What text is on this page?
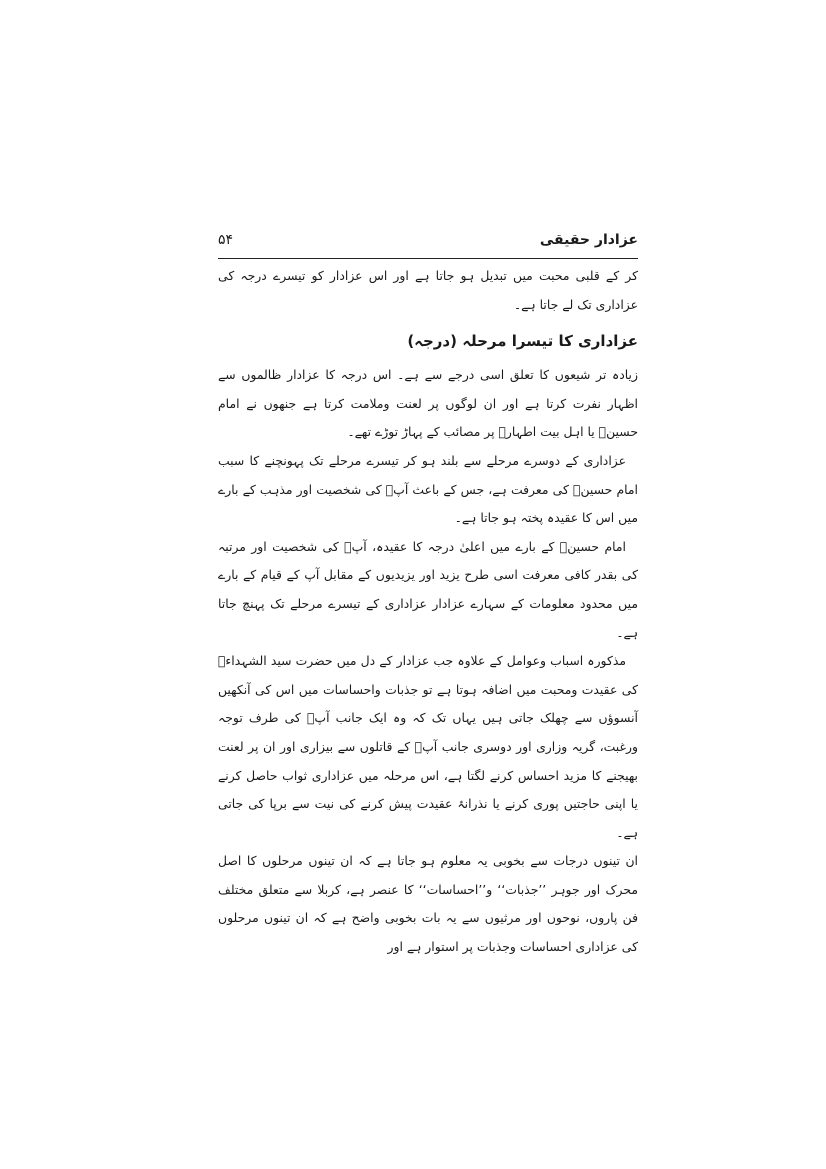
عزادار حقیقی
۵۴

کر کے قلبی محبت میں تبدیل ہو جاتا ہے اور اس عزادار کو تیسرے درجہ کی عزاداری تک لے جاتا ہے۔

عزاداری کا تیسرا مرحلہ (درجہ)

زیادہ تر شیعوں کا تعلق اسی درجے سے ہے۔ اس درجہ کا عزادار ظالموں سے اظہار نفرت کرتا ہے اور ان لوگوں پر لعنت وملامت کرتا ہے جنھوں نے امام حسینؑ یا اہل بیت اطہارؑ پر مصائب کے پہاڑ توڑے تھے۔

عزاداری کے دوسرے مرحلے سے بلند ہو کر تیسرے مرحلے تک پہونچنے کا سبب امام حسینؑ کی معرفت ہے، جس کے باعث آپؑ کی شخصیت اور مذہب کے بارے میں اس کا عقیدہ پختہ ہو جاتا ہے۔

امام حسینؑ کے بارے میں اعلیٰ درجہ کا عقیدہ، آپؑ کی شخصیت اور مرتبہ کی بقدر کافی معرفت اسی طرح یزید اور یزیدیوں کے مقابل آپ کے قیام کے بارے میں محدود معلومات کے سہارے عزادار عزاداری کے تیسرے مرحلے تک پہنچ جاتا ہے۔

مذکورہ اسباب وعوامل کے علاوہ جب عزادار کے دل میں حضرت سید الشہداءؑ کی عقیدت ومحبت میں اضافہ ہوتا ہے تو جذبات واحساسات میں اس کی آنکھیں آنسوؤں سے چھلک جاتی ہیں یہاں تک کہ وہ ایک جانب آپؑ کی طرف توجہ ورغبت، گریہ وزاری اور دوسری جانب آپؑ کے قاتلوں سے بیزاری اور ان پر لعنت بھیجنے کا مزید احساس کرنے لگتا ہے، اس مرحلہ میں عزاداری ثواب حاصل کرنے یا اپنی حاجتیں پوری کرنے یا نذرانۂ عقیدت پیش کرنے کی نیت سے برپا کی جاتی ہے۔

ان تینوں درجات سے بخوبی یہ معلوم ہو جاتا ہے کہ ان تینوں مرحلوں کا اصل محرک اور جوہر ’’جذبات‘‘ و’’احساسات‘‘ کا عنصر ہے، کربلا سے متعلق مختلف فن پاروں، نوحوں اور مرثیوں سے یہ بات بخوبی واضح ہے کہ ان تینوں مرحلوں کی عزاداری احساسات وجذبات پر استوار ہے اور
